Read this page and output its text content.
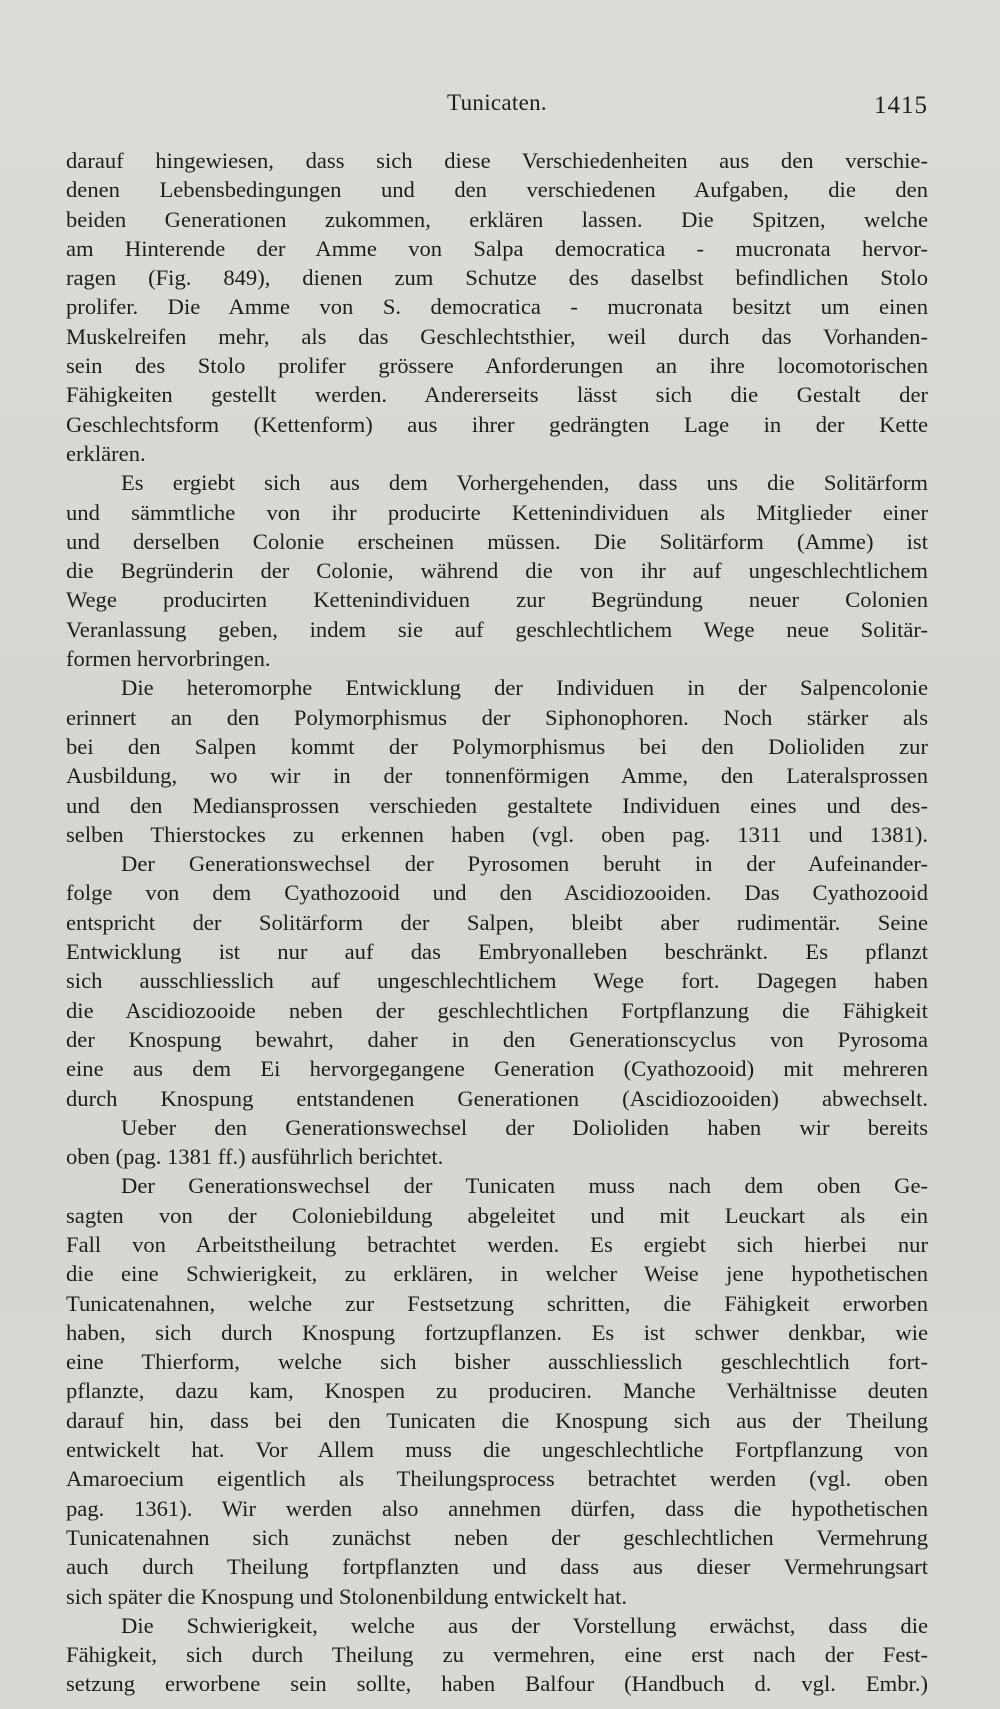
Tunicaten.	1415
darauf hingewiesen, dass sich diese Verschiedenheiten aus den verschie-
denen Lebensbedingungen und den verschiedenen Aufgaben, die den
beiden Generationen zukommen, erklären lassen. Die Spitzen, welche
am Hinterende der Amme von Salpa democratica - mucronata hervor-
ragen (Fig. 849), dienen zum Schutze des daselbst befindlichen Stolo
prolifer. Die Amme von S. democratica - mucronata besitzt um einen
Muskelreifen mehr, als das Geschlechtsthier, weil durch das Vorhanden-
sein des Stolo prolifer grössere Anforderungen an ihre locomotorischen
Fähigkeiten gestellt werden. Andererseits lässt sich die Gestalt der
Geschlechtsform (Kettenform) aus ihrer gedrängten Lage in der Kette
erklären.
Es ergiebt sich aus dem Vorhergehenden, dass uns die Solitärform
und sämmtliche von ihr producirte Kettenindividuen als Mitglieder einer
und derselben Colonie erscheinen müssen. Die Solitärform (Amme) ist
die Begründerin der Colonie, während die von ihr auf ungeschlechtlichem
Wege producirten Kettenindividuen zur Begründung neuer Colonien
Veranlassung geben, indem sie auf geschlechtlichem Wege neue Solitär-
formen hervorbringen.
Die heteromorphe Entwicklung der Individuen in der Salpencolonie
erinnert an den Polymorphismus der Siphonophoren. Noch stärker als
bei den Salpen kommt der Polymorphismus bei den Dolioliden zur
Ausbildung, wo wir in der tonnenförmigen Amme, den Lateralsprossen
und den Mediansprossen verschieden gestaltete Individuen eines und des-
selben Thierstockes zu erkennen haben (vgl. oben pag. 1311 und 1381).
Der Generationswechsel der Pyrosomen beruht in der Aufeinander-
folge von dem Cyathozooid und den Ascidiozooiden. Das Cyathozooid
entspricht der Solitärform der Salpen, bleibt aber rudimentär. Seine
Entwicklung ist nur auf das Embryonalleben beschränkt. Es pflanzt
sich ausschliesslich auf ungeschlechtlichem Wege fort. Dagegen haben
die Ascidiozooide neben der geschlechtlichen Fortpflanzung die Fähigkeit
der Knospung bewahrt, daher in den Generationscyclus von Pyrosoma
eine aus dem Ei hervorgegangene Generation (Cyathozooid) mit mehreren
durch Knospung entstandenen Generationen (Ascidiozooiden) abwechselt.
Ueber den Generationswechsel der Dolioliden haben wir bereits
oben (pag. 1381 ff.) ausführlich berichtet.
Der Generationswechsel der Tunicaten muss nach dem oben Ge-
sagten von der Coloniebildung abgeleitet und mit Leuckart als ein
Fall von Arbeitstheilung betrachtet werden. Es ergiebt sich hierbei nur
die eine Schwierigkeit, zu erklären, in welcher Weise jene hypothetischen
Tunicatenahnen, welche zur Festsetzung schritten, die Fähigkeit erworben
haben, sich durch Knospung fortzupflanzen. Es ist schwer denkbar, wie
eine Thierform, welche sich bisher ausschliesslich geschlechtlich fort-
pflanzte, dazu kam, Knospen zu produciren. Manche Verhältnisse deuten
darauf hin, dass bei den Tunicaten die Knospung sich aus der Theilung
entwickelt hat. Vor Allem muss die ungeschlechtliche Fortpflanzung von
Amaroecium eigentlich als Theilungsprocess betrachtet werden (vgl. oben
pag. 1361). Wir werden also annehmen dürfen, dass die hypothetischen
Tunicatenahnen sich zunächst neben der geschlechtlichen Vermehrung
auch durch Theilung fortpflanzten und dass aus dieser Vermehrungsart
sich später die Knospung und Stolonenbildung entwickelt hat.
Die Schwierigkeit, welche aus der Vorstellung erwächst, dass die
Fähigkeit, sich durch Theilung zu vermehren, eine erst nach der Fest-
setzung erworbene sein sollte, haben Balfour (Handbuch d. vgl. Embr.)
